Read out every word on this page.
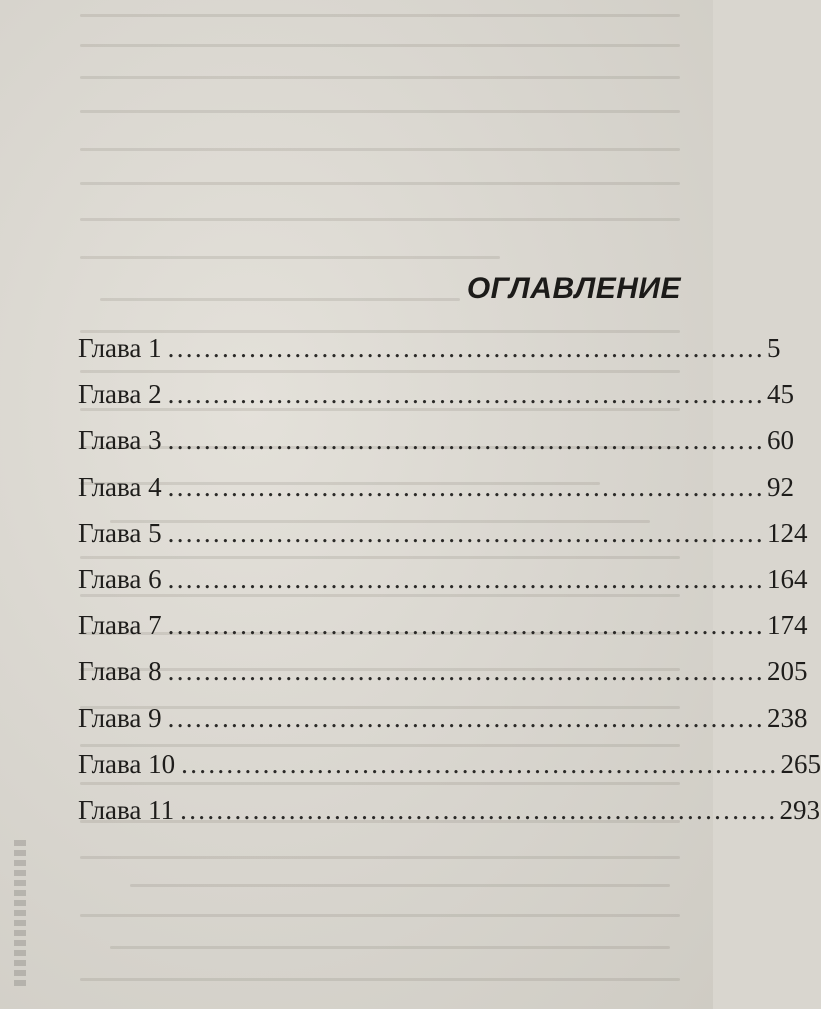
ОГЛАВЛЕНИЕ
Глава 1 .................................................................. 5
Глава 2 .................................................................. 45
Глава 3 .................................................................. 60
Глава 4 .................................................................. 92
Глава 5 .................................................................. 124
Глава 6 .................................................................. 164
Глава 7 .................................................................. 174
Глава 8 .................................................................. 205
Глава 9 .................................................................. 238
Глава 10 .................................................................. 265
Глава 11 .................................................................. 293
